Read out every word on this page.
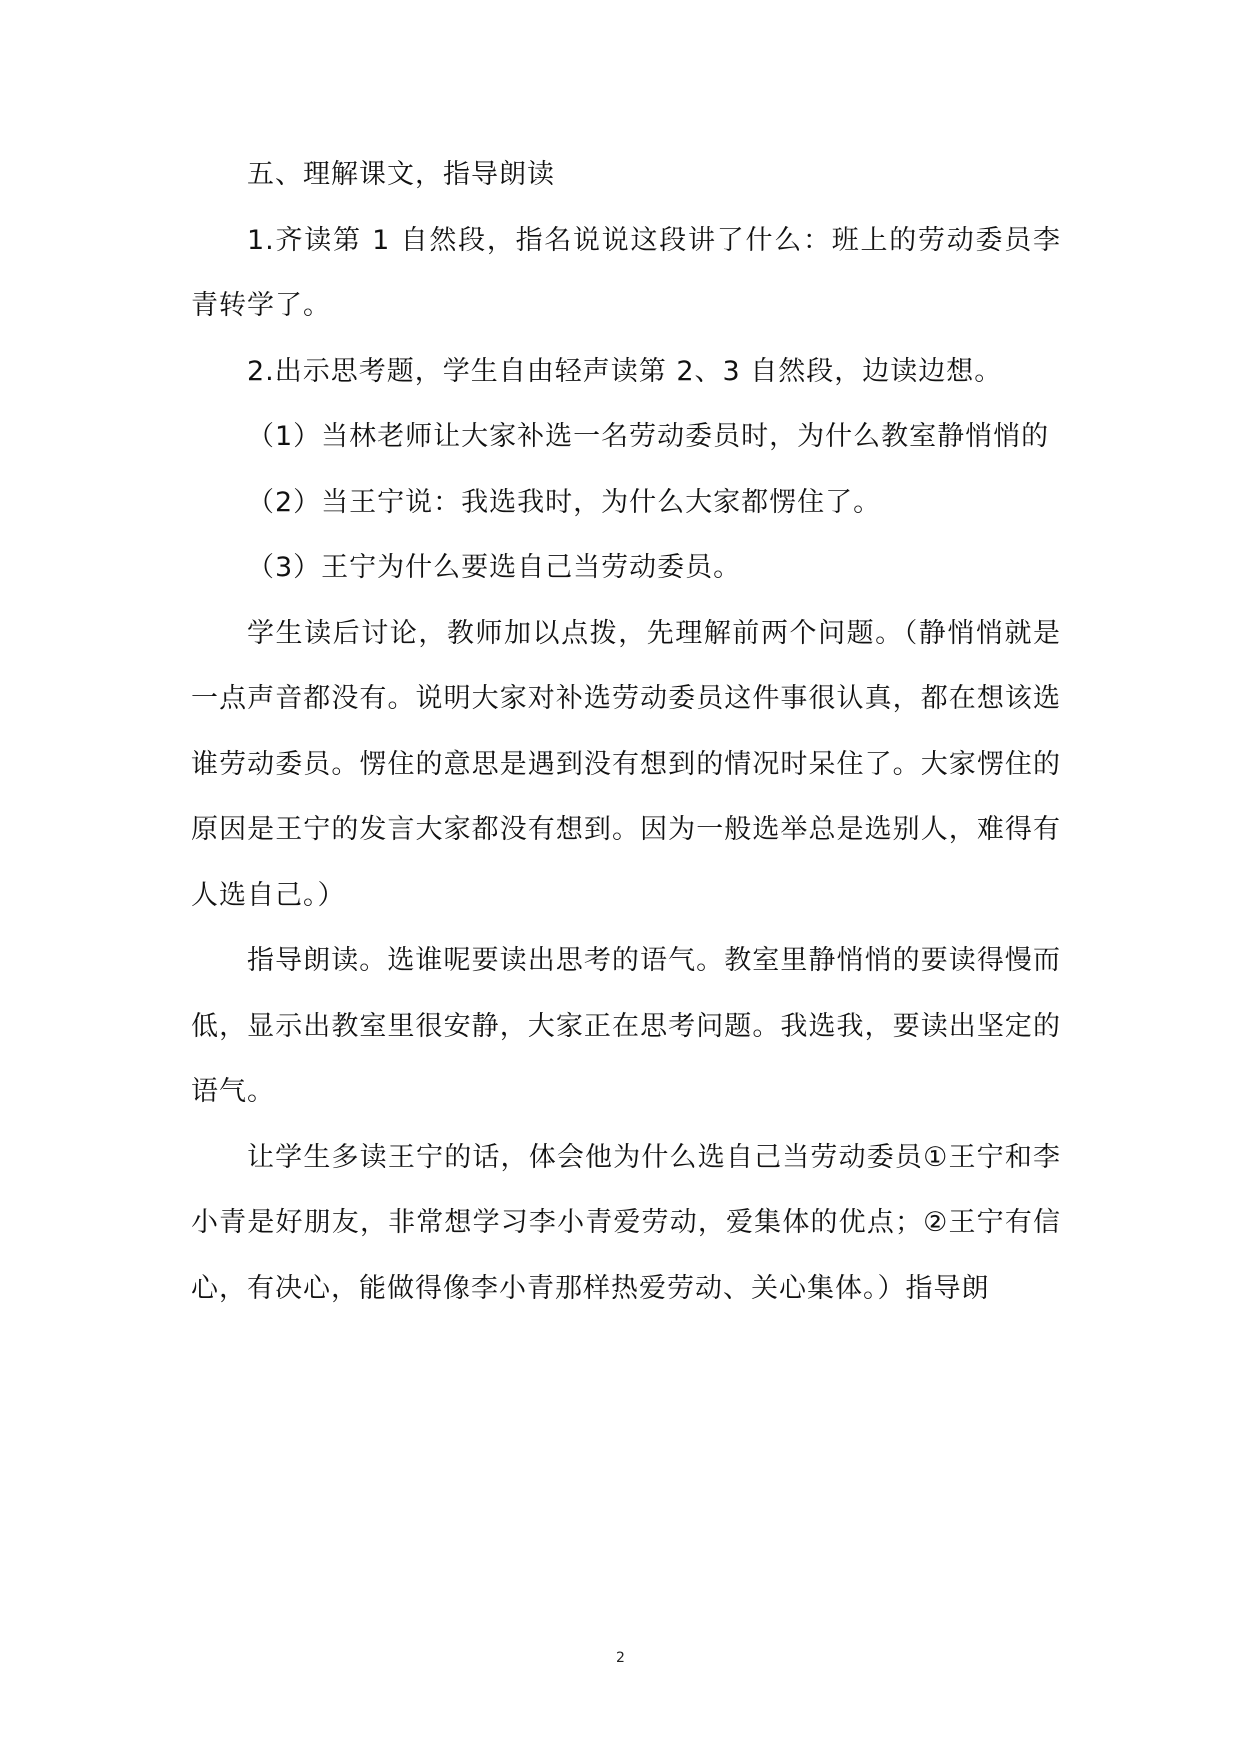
五、理解课文，指导朗读

1.齐读第 1 自然段，指名说说这段讲了什么：班上的劳动委员李青转学了。

2.出示思考题，学生自由轻声读第 2、3 自然段，边读边想。

（1）当林老师让大家补选一名劳动委员时，为什么教室静悄悄的

（2）当王宁说：我选我时，为什么大家都愣住了。

（3）王宁为什么要选自己当劳动委员。

学生读后讨论，教师加以点拨，先理解前两个问题。（静悄悄就是一点声音都没有。说明大家对补选劳动委员这件事很认真，都在想该选谁劳动委员。愣住的意思是遇到没有想到的情况时呆住了。大家愣住的原因是王宁的发言大家都没有想到。因为一般选举总是选别人，难得有人选自己。）

指导朗读。选谁呢要读出思考的语气。教室里静悄悄的要读得慢而低，显示出教室里很安静，大家正在思考问题。我选我，要读出坚定的语气。

让学生多读王宁的话，体会他为什么选自己当劳动委员①王宁和李小青是好朋友，非常想学习李小青爱劳动，爱集体的优点；②王宁有信心，有决心，能做得像李小青那样热爱劳动、关心集体。）指导朗

2
